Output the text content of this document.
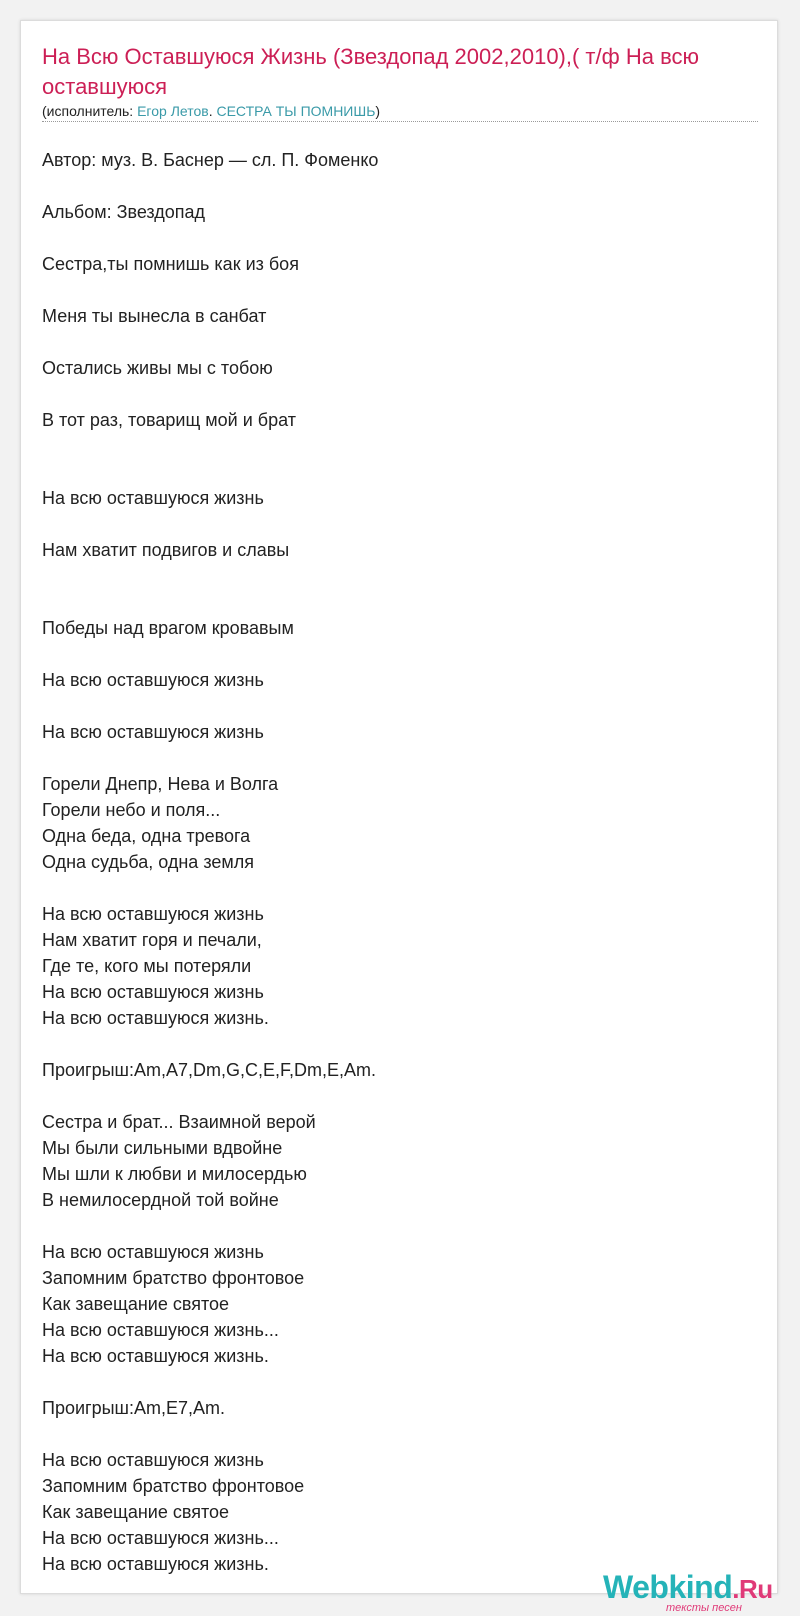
На Всю Оставшуюся Жизнь (Звездопад 2002,2010),( т/ф На всю оставшуюся
(исполнитель: Егор Летов. СЕСТРА ТЫ ПОМНИШЬ)

Автор: муз. В. Баснер — сл. П. Фоменко

Альбом: Звездопад

Сестра,ты помнишь как из боя

Меня ты вынесла в санбат

Остались живы мы с тобою

В тот раз, товарищ мой и брат

На всю оставшуюся жизнь

Нам хватит подвигов и славы

Победы над врагом кровавым

На всю оставшуюся жизнь

На всю оставшуюся жизнь

Горели Днепр, Нева и Волга

Горели небо и поля...

Одна беда, одна тревога

Одна судьба, одна земля

На всю оставшуюся жизнь

Нам хватит горя и печали,

Где те, кого мы потеряли

На всю оставшуюся жизнь

На всю оставшуюся жизнь.

Проигрыш:Am,A7,Dm,G,C,E,F,Dm,E,Am.

Сестра и брат... Взаимной верой

Мы были сильными вдвойне

Мы шли к любви и милосердью

В немилосердной той войне

На всю оставшуюся жизнь

Запомним братство фронтовое

Как завещание святое

На всю оставшуюся жизнь...

На всю оставшуюся жизнь.

Проигрыш:Am,E7,Am.

На всю оставшуюся жизнь

Запомним братство фронтовое

Как завещание святое

На всю оставшуюся жизнь...

На всю оставшуюся жизнь.

Webkind.Ru
тексты песен
